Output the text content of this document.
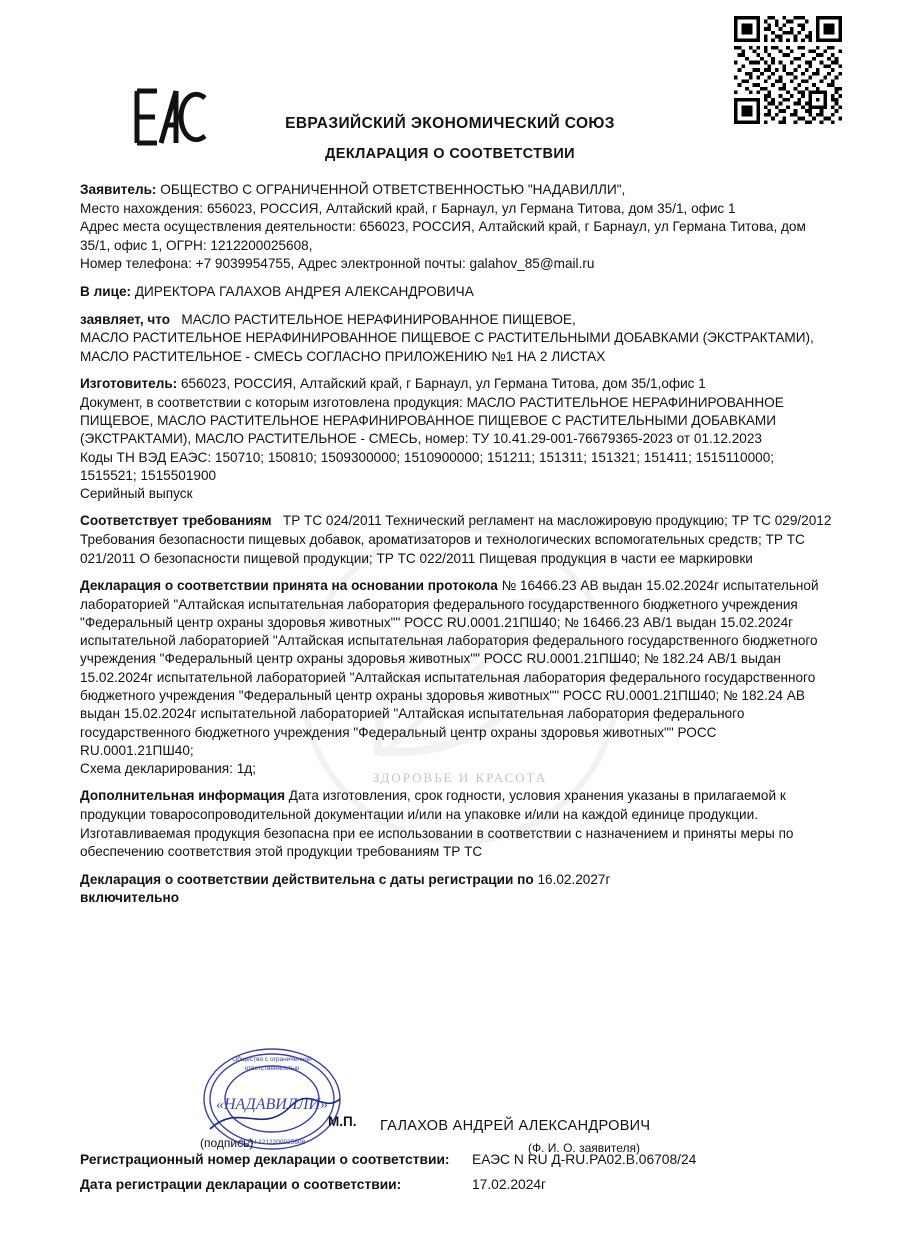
ЗДОРОВЬЕ И КРАСОТА
ЕВРАЗИЙСКИЙ ЭКОНОМИЧЕСКИЙ СОЮЗ
ДЕКЛАРАЦИЯ О СООТВЕТСТВИИ

Заявитель: ОБЩЕСТВО С ОГРАНИЧЕННОЙ ОТВЕТСТВЕННОСТЬЮ "НАДАВИЛЛИ",

Место нахождения: 656023, РОССИЯ, Алтайский край, г Барнаул, ул Германа Титова, дом 35/1, офис 1

Адрес места осуществления деятельности: 656023, РОССИЯ, Алтайский край, г Барнаул, ул Германа Титова, дом 35/1, офис 1, ОГРН: 1212200025608,

Номер телефона: +7 9039954755, Адрес электронной почты: galahov_85@mail.ru

В лице: ДИРЕКТОРА ГАЛАХОВ АНДРЕЯ АЛЕКСАНДРОВИЧА

заявляет, что МАСЛО РАСТИТЕЛЬНОЕ НЕРАФИНИРОВАННОЕ ПИЩЕВОЕ,

МАСЛО РАСТИТЕЛЬНОЕ НЕРАФИНИРОВАННОЕ ПИЩЕВОЕ С РАСТИТЕЛЬНЫМИ ДОБАВКАМИ (ЭКСТРАКТАМИ), МАСЛО РАСТИТЕЛЬНОЕ - СМЕСЬ СОГЛАСНО ПРИЛОЖЕНИЮ №1 НА 2 ЛИСТАХ

Изготовитель: 656023, РОССИЯ, Алтайский край, г Барнаул, ул Германа Титова, дом 35/1,офис 1

Документ, в соответствии с которым изготовлена продукция: МАСЛО РАСТИТЕЛЬНОЕ НЕРАФИНИРОВАННОЕ ПИЩЕВОЕ, МАСЛО РАСТИТЕЛЬНОЕ НЕРАФИНИРОВАННОЕ ПИЩЕВОЕ С РАСТИТЕЛЬНЫМИ ДОБАВКАМИ (ЭКСТРАКТАМИ), МАСЛО РАСТИТЕЛЬНОЕ - СМЕСЬ, номер: ТУ 10.41.29-001-76679365-2023 от 01.12.2023

Коды ТН ВЭД ЕАЭС: 150710; 150810; 1509300000; 1510900000; 151211; 151311; 151321; 151411; 1515110000; 1515521; 1515501900

Серийный выпуск

Соответствует требованиям ТР ТС 024/2011 Технический регламент на масложировую продукцию; ТР ТС 029/2012 Требования безопасности пищевых добавок, ароматизаторов и технологических вспомогательных средств; ТР ТС 021/2011 О безопасности пищевой продукции; ТР ТС 022/2011 Пищевая продукция в части ее маркировки

Декларация о соответствии принята на основании протокола № 16466.23 АВ выдан 15.02.2024г испытательной лабораторией "Алтайская испытательная лаборатория федерального государственного бюджетного учреждения "Федеральный центр охраны здоровья животных"" РОСС RU.0001.21ПШ40; № 16466.23 АВ/1 выдан 15.02.2024г испытательной лабораторией "Алтайская испытательная лаборатория федерального государственного бюджетного учреждения "Федеральный центр охраны здоровья животных"" РОСС RU.0001.21ПШ40; № 182.24 АВ/1 выдан 15.02.2024г испытательной лабораторией "Алтайская испытательная лаборатория федерального государственного бюджетного учреждения "Федеральный центр охраны здоровья животных"" РОСС RU.0001.21ПШ40; № 182.24 АВ выдан 15.02.2024г испытательной лабораторией "Алтайская испытательная лаборатория федерального государственного бюджетного учреждения "Федеральный центр охраны здоровья животных"" РОСС RU.0001.21ПШ40;

Схема декларирования: 1д;

Дополнительная информация Дата изготовления, срок годности, условия хранения указаны в прилагаемой к продукции товаросопроводительной документации и/или на упаковке и/или на каждой единице продукции. Изготавливаемая продукция безопасна при ее использовании в соответствии с назначением и приняты меры по обеспечению соответствия этой продукции требованиям ТР ТС

Декларация о соответствии действительна с даты регистрации по 16.02.2027г
включительно

Общество с ограниченной
ответственностью
ОГРН 1212200025608
«НАДАВИЛЛИ»
М.П.
(подпись)
ГАЛАХОВ АНДРЕЙ АЛЕКСАНДРОВИЧ
(Ф. И. О. заявителя)
Регистрационный номер декларации о соответствии:	ЕАЭС N RU Д-RU.РА02.В.06708/24
Дата регистрации декларации о соответствии:	17.02.2024г
